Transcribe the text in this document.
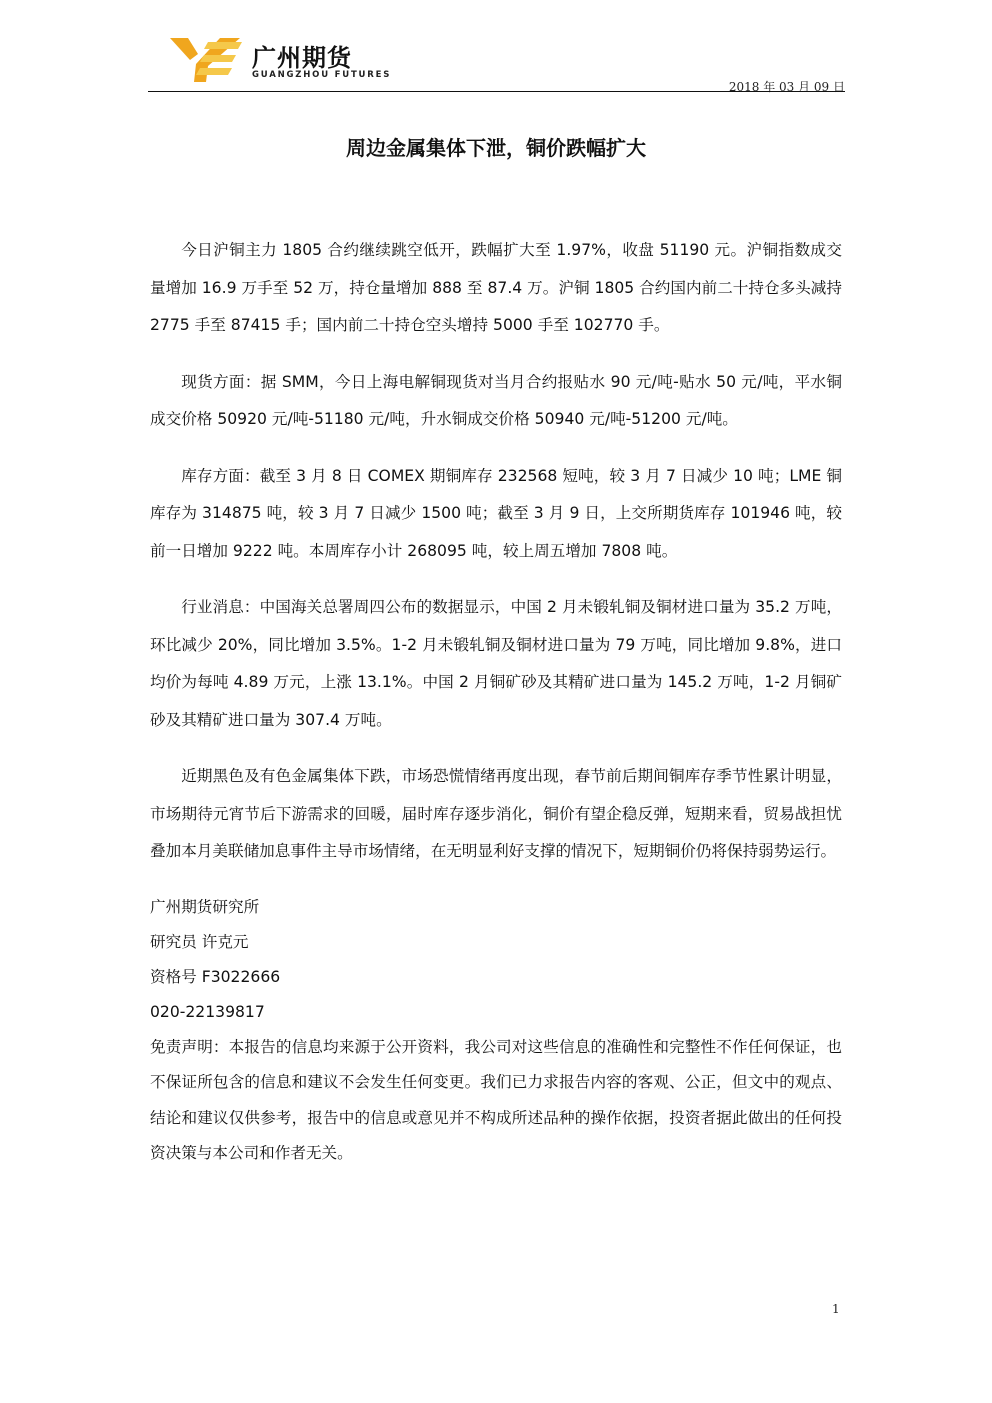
广州期货
GUANGZHOU FUTURES
2018 年 03 月 09 日
周边金属集体下泄，铜价跌幅扩大

今日沪铜主力 1805 合约继续跳空低开，跌幅扩大至 1.97%，收盘 51190 元。沪铜指数成交量增加 16.9 万手至 52 万，持仓量增加 888 至 87.4 万。沪铜 1805 合约国内前二十持仓多头减持 2775 手至 87415 手；国内前二十持仓空头增持 5000 手至 102770 手。

现货方面：据 SMM，今日上海电解铜现货对当月合约报贴水 90 元/吨-贴水 50 元/吨，平水铜成交价格 50920 元/吨-51180 元/吨，升水铜成交价格 50940 元/吨-51200 元/吨。

库存方面：截至 3 月 8 日 COMEX 期铜库存 232568 短吨，较 3 月 7 日减少 10 吨；LME 铜库存为 314875 吨，较 3 月 7 日减少 1500 吨；截至 3 月 9 日，上交所期货库存 101946 吨，较前一日增加 9222 吨。本周库存小计 268095 吨，较上周五增加 7808 吨。

行业消息：中国海关总署周四公布的数据显示，中国 2 月未锻轧铜及铜材进口量为 35.2 万吨，环比减少 20%，同比增加 3.5%。1-2 月未锻轧铜及铜材进口量为 79 万吨，同比增加 9.8%，进口均价为每吨 4.89 万元，上涨 13.1%。中国 2 月铜矿砂及其精矿进口量为 145.2 万吨，1-2 月铜矿砂及其精矿进口量为 307.4 万吨。

近期黑色及有色金属集体下跌，市场恐慌情绪再度出现，春节前后期间铜库存季节性累计明显，市场期待元宵节后下游需求的回暖，届时库存逐步消化，铜价有望企稳反弹，短期来看，贸易战担忧叠加本月美联储加息事件主导市场情绪，在无明显利好支撑的情况下，短期铜价仍将保持弱势运行。

广州期货研究所

研究员 许克元

资格号 F3022666

020-22139817

免责声明：本报告的信息均来源于公开资料，我公司对这些信息的准确性和完整性不作任何保证，也不保证所包含的信息和建议不会发生任何变更。我们已力求报告内容的客观、公正，但文中的观点、结论和建议仅供参考，报告中的信息或意见并不构成所述品种的操作依据，投资者据此做出的任何投资决策与本公司和作者无关。

1
